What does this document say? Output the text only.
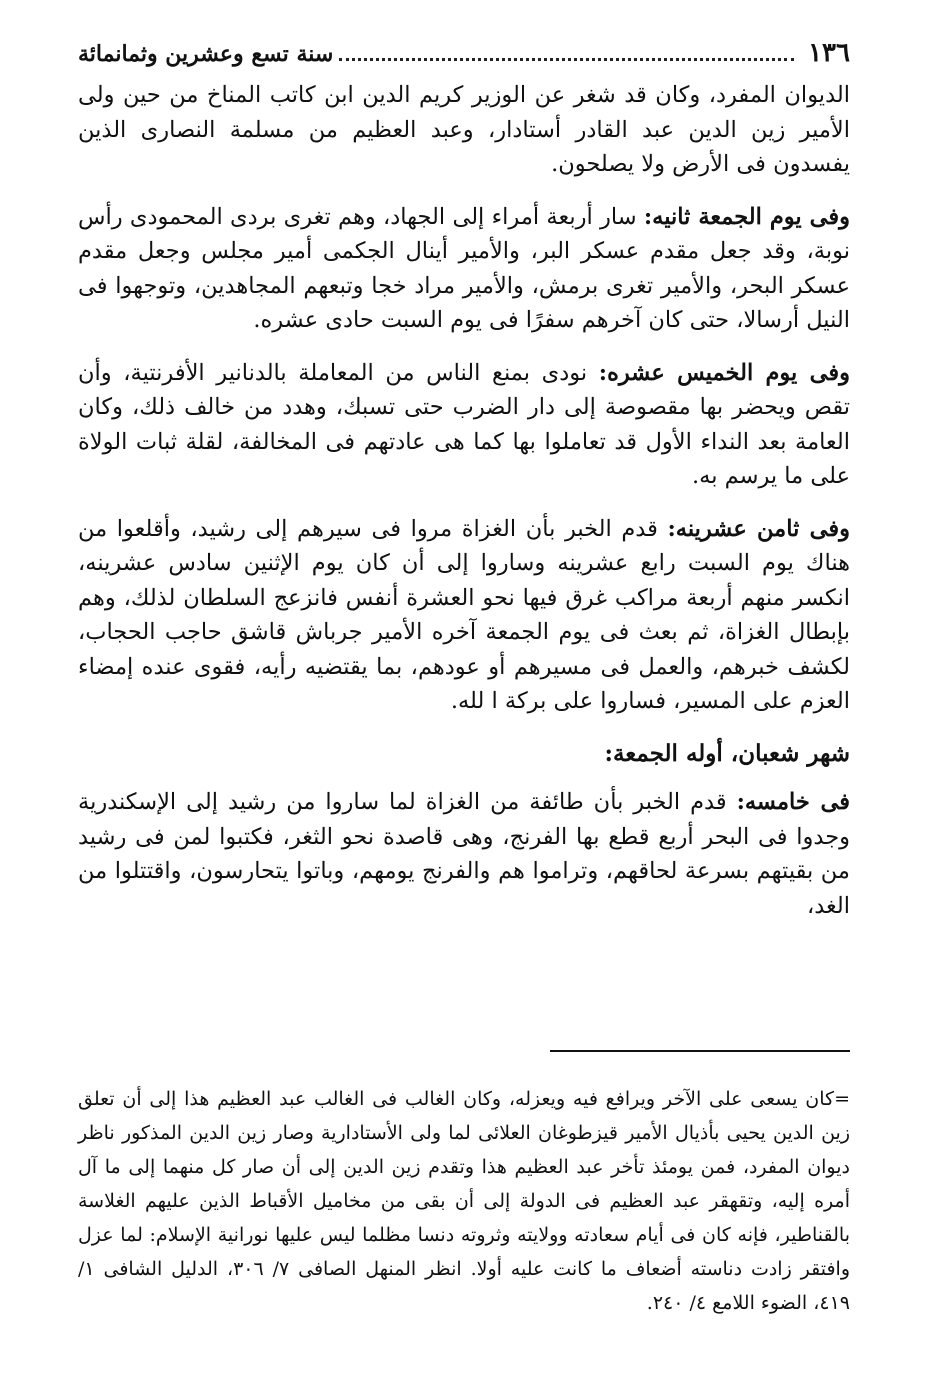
١٣٦
سنة تسع وعشرين وثمانمائة

الديوان المفرد، وكان قد شغر عن الوزير كريم الدين ابن كاتب المناخ من حين ولى الأمير زين الدين عبد القادر أستادار، وعبد العظيم من مسلمة النصارى الذين يفسدون فى الأرض ولا يصلحون.

وفى يوم الجمعة ثانيه: سار أربعة أمراء إلى الجهاد، وهم تغرى بردى المحمودى رأس نوبة، وقد جعل مقدم عسكر البر، والأمير أينال الجكمى أمير مجلس وجعل مقدم عسكر البحر، والأمير تغرى برمش، والأمير مراد خجا وتبعهم المجاهدين، وتوجهوا فى النيل أرسالا، حتى كان آخرهم سفرًا فى يوم السبت حادى عشره.

وفى يوم الخميس عشره: نودى بمنع الناس من المعاملة بالدنانير الأفرنتية، وأن تقص ويحضر بها مقصوصة إلى دار الضرب حتى تسبك، وهدد من خالف ذلك، وكان العامة بعد النداء الأول قد تعاملوا بها كما هى عادتهم فى المخالفة، لقلة ثبات الولاة على ما يرسم به.

وفى ثامن عشرينه: قدم الخبر بأن الغزاة مروا فى سيرهم إلى رشيد، وأقلعوا من هناك يوم السبت رابع عشرينه وساروا إلى أن كان يوم الإثنين سادس عشرينه، انكسر منهم أربعة مراكب غرق فيها نحو العشرة أنفس فانزعج السلطان لذلك، وهم بإبطال الغزاة، ثم بعث فى يوم الجمعة آخره الأمير جرباش قاشق حاجب الحجاب، لكشف خبرهم، والعمل فى مسيرهم أو عودهم، بما يقتضيه رأيه، فقوى عنده إمضاء العزم على المسير، فساروا على بركة ا لله.

شهر شعبان، أوله الجمعة:

فى خامسه: قدم الخبر بأن طائفة من الغزاة لما ساروا من رشيد إلى الإسكندرية وجدوا فى البحر أربع قطع بها الفرنج، وهى قاصدة نحو الثغر، فكتبوا لمن فى رشيد من بقيتهم بسرعة لحاقهم، وتراموا هم والفرنج يومهم، وباتوا يتحارسون، واقتتلوا من الغد،

=كان يسعى على الآخر ويرافع فيه ويعزله، وكان الغالب فى الغالب عبد العظيم هذا إلى أن تعلق زين الدين يحيى بأذيال الأمير قيزطوغان العلائى لما ولى الأستادارية وصار زين الدين المذكور ناظر ديوان المفرد، فمن يومئذ تأخر عبد العظيم هذا وتقدم زين الدين إلى أن صار كل منهما إلى ما آل أمره إليه، وتقهقر عبد العظيم فى الدولة إلى أن بقى من مخاميل الأقباط الذين عليهم الغلاسة بالقناطير، فإنه كان فى أيام سعادته وولايته وثروته دنسا مظلما ليس عليها نورانية الإسلام: لما عزل وافتقر زادت دناسته أضعاف ما كانت عليه أولا. انظر المنهل الصافى ٧/ ٣٠٦، الدليل الشافى ١/ ٤١٩، الضوء اللامع ٤/ ٢٤٠.
